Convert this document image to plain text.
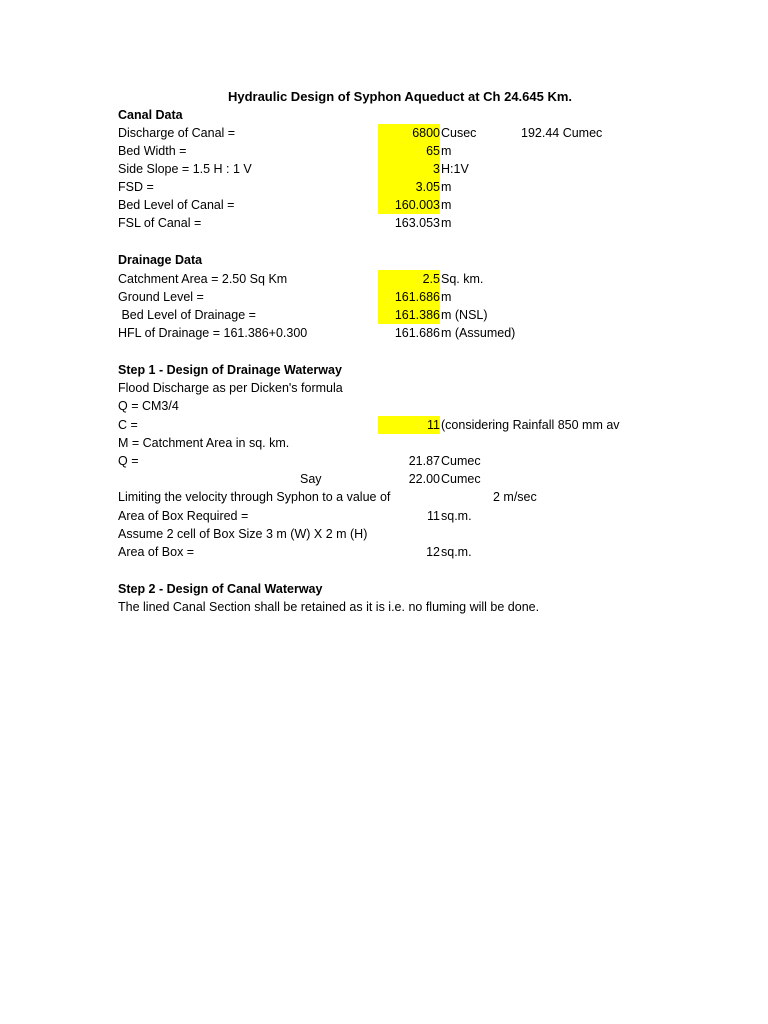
Hydraulic Design of Syphon Aqueduct at Ch 24.645 Km.
Canal Data
Discharge of Canal =	6800 Cusec	192.44 Cumec
Bed Width =	65 m
Side Slope = 1.5 H : 1 V	3 H:1V
FSD =	3.05 m
Bed Level of Canal =	160.003 m
FSL of Canal =	163.053 m
Drainage Data
Catchment Area = 2.50 Sq Km	2.5 Sq. km.
Ground Level =	161.686 m
Bed Level of Drainage =	161.386 m (NSL)
HFL of Drainage = 161.386+0.300	161.686 m (Assumed)
Step 1 - Design of Drainage Waterway
Flood Discharge as per Dicken's formula
Q = CM3/4
C =	11 (considering Rainfall 850 mm av
M = Catchment Area in sq. km.
Q =	21.87 Cumec
Say	22.00 Cumec
Limiting the velocity through Syphon to a value of	2 m/sec
Area of Box Required =	11 sq.m.
Assume 2 cell of Box Size 3 m (W) X 2 m (H)
Area of Box =	12 sq.m.
Step 2 - Design of Canal Waterway
The lined Canal Section shall be retained as it is i.e. no fluming will be done.
